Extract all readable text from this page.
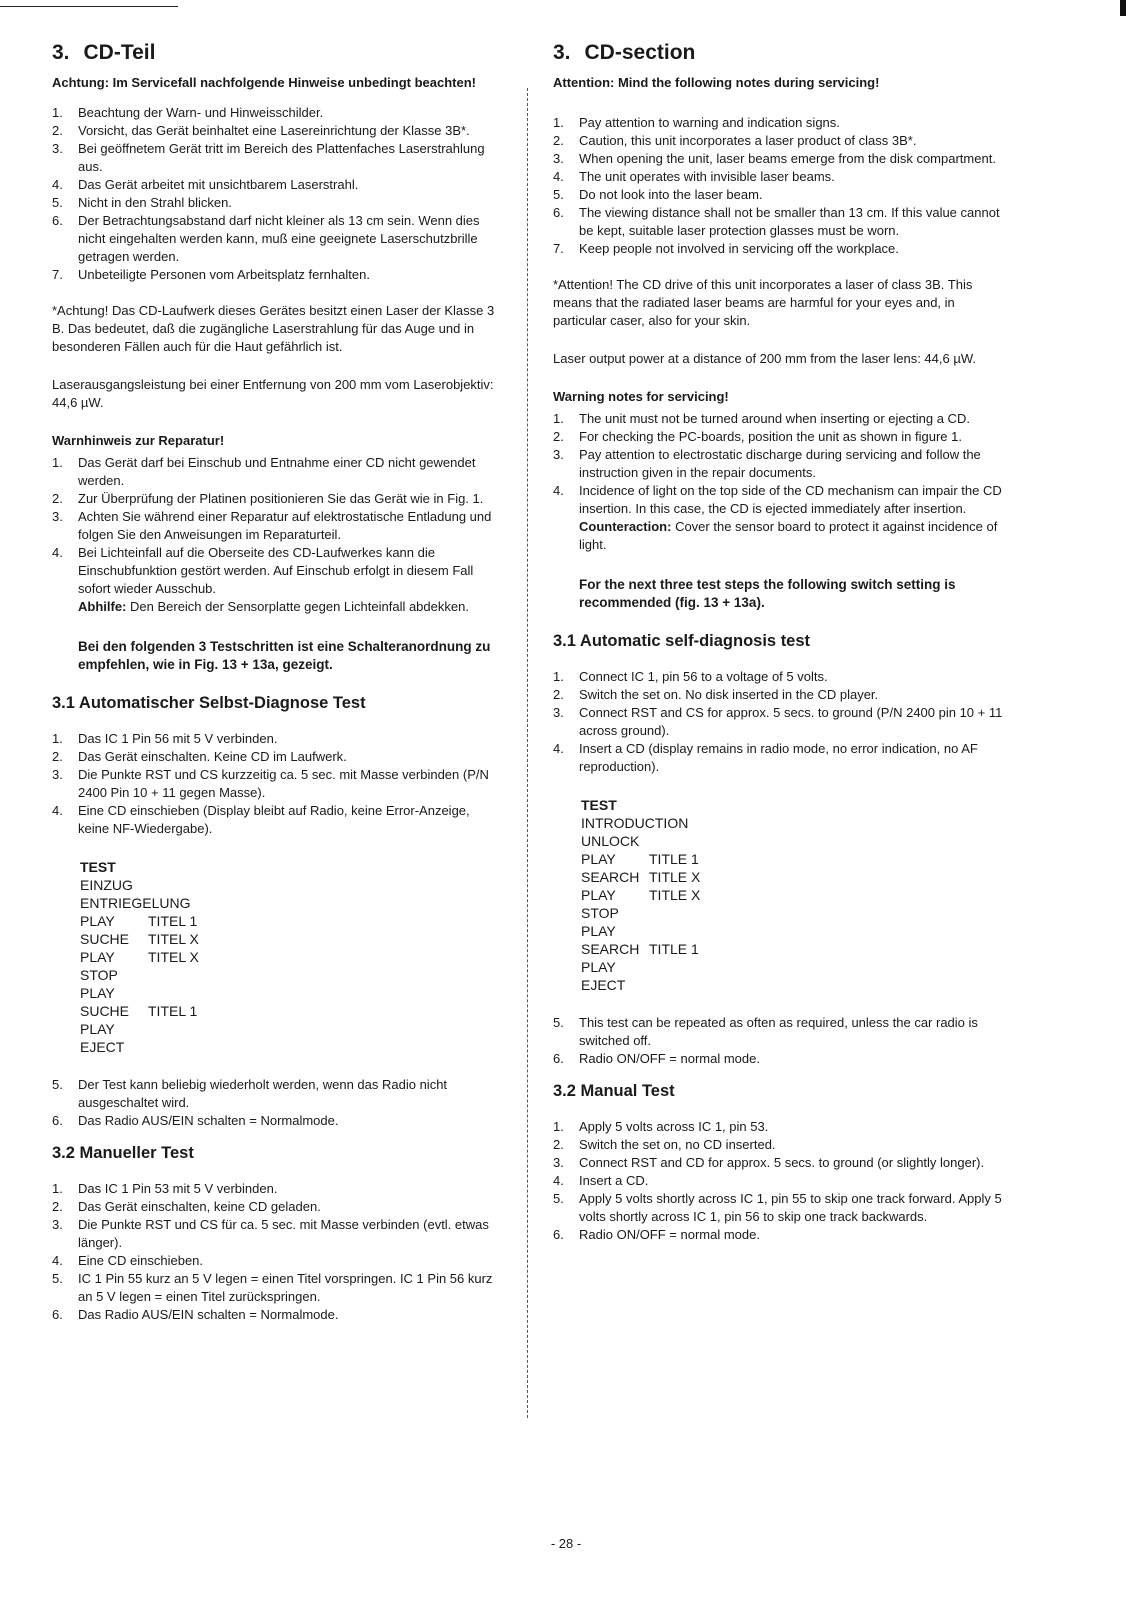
3. CD-Teil
Achtung: Im Servicefall nachfolgende Hinweise unbedingt beachten!
1. Beachtung der Warn- und Hinweisschilder.
2. Vorsicht, das Gerät beinhaltet eine Lasereinrichtung der Klasse 3B*.
3. Bei geöffnetem Gerät tritt im Bereich des Plattenfaches Laserstrahlung aus.
4. Das Gerät arbeitet mit unsichtbarem Laserstrahl.
5. Nicht in den Strahl blicken.
6. Der Betrachtungsabstand darf nicht kleiner als 13 cm sein. Wenn dies nicht eingehalten werden kann, muß eine geeignete Laserschutzbrille getragen werden.
7. Unbeteiligte Personen vom Arbeitsplatz fernhalten.

*Achtung! Das CD-Laufwerk dieses Gerätes besitzt einen Laser der Klasse 3 B. Das bedeutet, daß die zugängliche Laserstrahlung für das Auge und in besonderen Fällen auch für die Haut gefährlich ist.

Laserausgangsleistung bei einer Entfernung von 200 mm vom Laserobjektiv: 44,6 µW.

Warnhinweis zur Reparatur!
1. Das Gerät darf bei Einschub und Entnahme einer CD nicht gewendet werden.
2. Zur Überprüfung der Platinen positionieren Sie das Gerät wie in Fig. 1.
3. Achten Sie während einer Reparatur auf elektrostatische Entladung und folgen Sie den Anweisungen im Reparaturteil.
4. Bei Lichteinfall auf die Oberseite des CD-Laufwerkes kann die Einschubfunktion gestört werden. Auf Einschub erfolgt in diesem Fall sofort wieder Ausschub.
Abhilfe: Den Bereich der Sensorplatte gegen Lichteinfall abdekken.
Bei den folgenden 3 Testschritten ist eine Schalteranordnung zu empfehlen, wie in Fig. 13 + 13a, gezeigt.
3.1 Automatischer Selbst-Diagnose Test
1. Das IC 1 Pin 56 mit 5 V verbinden.
2. Das Gerät einschalten. Keine CD im Laufwerk.
3. Die Punkte RST und CS kurzzeitig ca. 5 sec. mit Masse verbinden (P/N 2400 Pin 10 + 11 gegen Masse).
4. Eine CD einschieben (Display bleibt auf Radio, keine Error-Anzeige, keine NF-Wiedergabe).
TEST
EINZUG
ENTRIEGELUNG
PLAY	TITEL 1
SUCHE	TITEL X
PLAY	TITEL X
STOP
PLAY
SUCHE	TITEL 1
PLAY
EJECT
5. Der Test kann beliebig wiederholt werden, wenn das Radio nicht ausgeschaltet wird.
6. Das Radio AUS/EIN schalten = Normalmode.
3.2 Manueller Test
1. Das IC 1 Pin 53 mit 5 V verbinden.
2. Das Gerät einschalten, keine CD geladen.
3. Die Punkte RST und CS für ca. 5 sec. mit Masse verbinden (evtl. etwas länger).
4. Eine CD einschieben.
5. IC 1 Pin 55 kurz an 5 V legen = einen Titel vorspringen. IC 1 Pin 56 kurz an 5 V legen = einen Titel zurückspringen.
6. Das Radio AUS/EIN schalten = Normalmode.
3. CD-section
Attention: Mind the following notes during servicing!
1. Pay attention to warning and indication signs.
2. Caution, this unit incorporates a laser product of class 3B*.
3. When opening the unit, laser beams emerge from the disk compartment.
4. The unit operates with invisible laser beams.
5. Do not look into the laser beam.
6. The viewing distance shall not be smaller than 13 cm. If this value cannot be kept, suitable laser protection glasses must be worn.
7. Keep people not involved in servicing off the workplace.

*Attention! The CD drive of this unit incorporates a laser of class 3B. This means that the radiated laser beams are harmful for your eyes and, in particular caser, also for your skin.

Laser output power at a distance of 200 mm from the laser lens: 44,6 µW.

Warning notes for servicing!
1. The unit must not be turned around when inserting or ejecting a CD.
2. For checking the PC-boards, position the unit as shown in figure 1.
3. Pay attention to electrostatic discharge during servicing and follow the instruction given in the repair documents.
4. Incidence of light on the top side of the CD mechanism can impair the CD insertion. In this case, the CD is ejected immediately after insertion.
Counteraction: Cover the sensor board to protect it against incidence of light.
For the next three test steps the following switch setting is recommended (fig. 13 + 13a).
3.1 Automatic self-diagnosis test
1. Connect IC 1, pin 56 to a voltage of 5 volts.
2. Switch the set on. No disk inserted in the CD player.
3. Connect RST and CS for approx. 5 secs. to ground (P/N 2400 pin 10 + 11 across ground).
4. Insert a CD (display remains in radio mode, no error indication, no AF reproduction).
TEST
INTRODUCTION
UNLOCK
PLAY	TITLE 1
SEARCH TITLE X
PLAY	TITLE X
STOP
PLAY
SEARCH TITLE 1
PLAY
EJECT
5. This test can be repeated as often as required, unless the car radio is switched off.
6. Radio ON/OFF = normal mode.
3.2 Manual Test
1. Apply 5 volts across IC 1, pin 53.
2. Switch the set on, no CD inserted.
3. Connect RST and CD for approx. 5 secs. to ground (or slightly longer).
4. Insert a CD.
5. Apply 5 volts shortly across IC 1, pin 55 to skip one track forward. Apply 5 volts shortly across IC 1, pin 56 to skip one track backwards.
6. Radio ON/OFF = normal mode.
- 28 -
